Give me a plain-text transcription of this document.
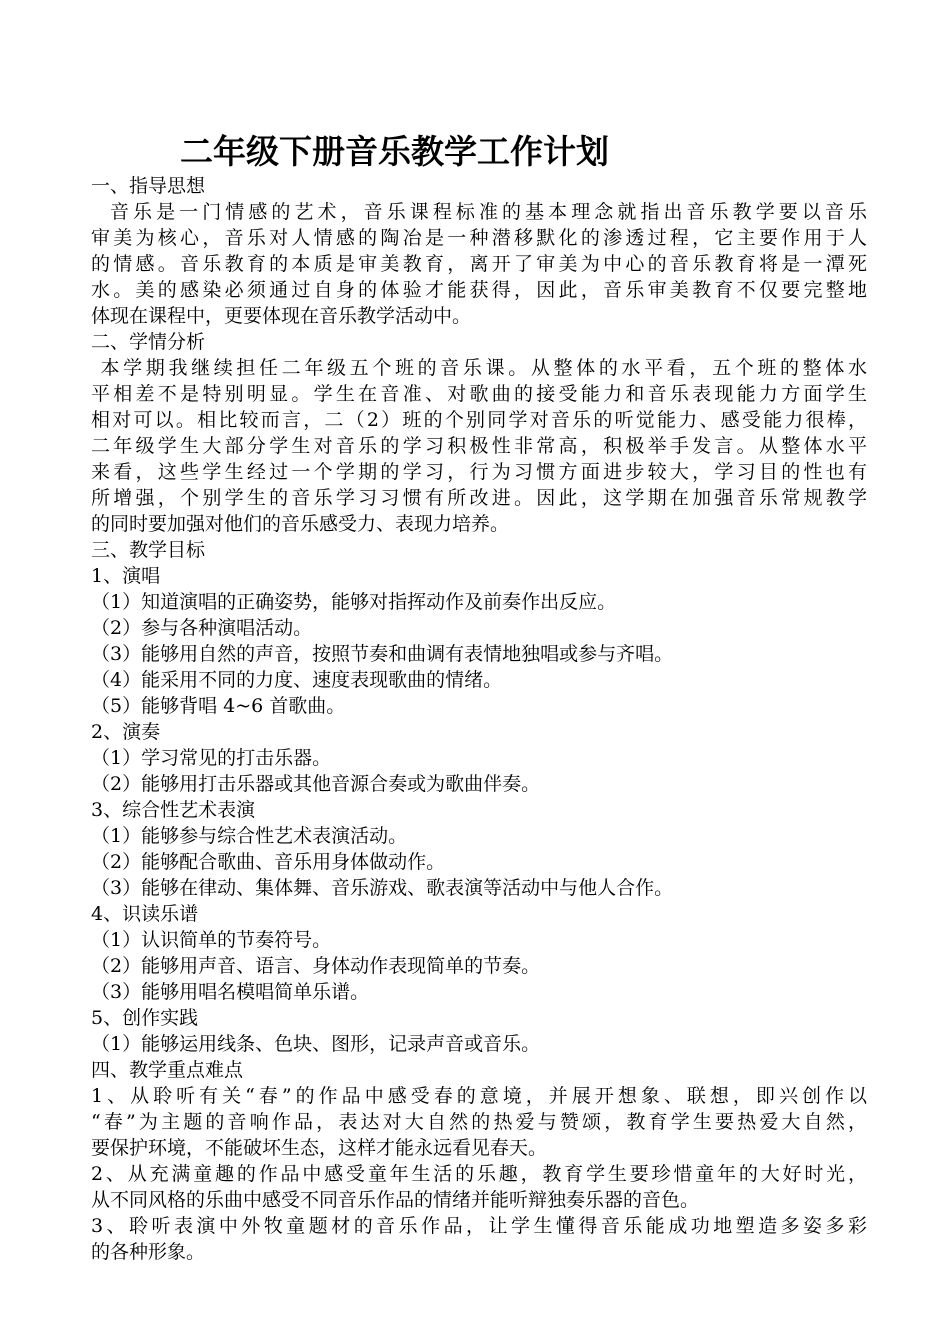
二年级下册音乐教学工作计划
一、指导思想
音乐是一门情感的艺术，音乐课程标准的基本理念就指出音乐教学要以音乐
审美为核心，音乐对人情感的陶冶是一种潜移默化的渗透过程，它主要作用于人
的情感。音乐教育的本质是审美教育，离开了审美为中心的音乐教育将是一潭死
水。美的感染必须通过自身的体验才能获得，因此，音乐审美教育不仅要完整地
体现在课程中，更要体现在音乐教学活动中。
二、学情分析
本学期我继续担任二年级五个班的音乐课。从整体的水平看，五个班的整体水
平相差不是特别明显。学生在音准、对歌曲的接受能力和音乐表现能力方面学生
相对可以。相比较而言，二（2）班的个别同学对音乐的听觉能力、感受能力很棒，
二年级学生大部分学生对音乐的学习积极性非常高，积极举手发言。从整体水平
来看，这些学生经过一个学期的学习，行为习惯方面进步较大，学习目的性也有
所增强，个别学生的音乐学习习惯有所改进。因此，这学期在加强音乐常规教学
的同时要加强对他们的音乐感受力、表现力培养。
三、教学目标
1、演唱
（1）知道演唱的正确姿势，能够对指挥动作及前奏作出反应。
（2）参与各种演唱活动。
（3）能够用自然的声音，按照节奏和曲调有表情地独唱或参与齐唱。
（4）能采用不同的力度、速度表现歌曲的情绪。
（5）能够背唱 4~6 首歌曲。
2、演奏
（1）学习常见的打击乐器。
（2）能够用打击乐器或其他音源合奏或为歌曲伴奏。
3、综合性艺术表演
（1）能够参与综合性艺术表演活动。
（2）能够配合歌曲、音乐用身体做动作。
（3）能够在律动、集体舞、音乐游戏、歌表演等活动中与他人合作。
4、识读乐谱
（1）认识简单的节奏符号。
（2）能够用声音、语言、身体动作表现简单的节奏。
（3）能够用唱名模唱简单乐谱。
5、创作实践
（1）能够运用线条、色块、图形，记录声音或音乐。
四、教学重点难点
1、从聆听有关“春”的作品中感受春的意境，并展开想象、联想，即兴创作以
“春”为主题的音响作品，表达对大自然的热爱与赞颂，教育学生要热爱大自然，
要保护环境，不能破坏生态，这样才能永远看见春天。
2、从充满童趣的作品中感受童年生活的乐趣，教育学生要珍惜童年的大好时光，
从不同风格的乐曲中感受不同音乐作品的情绪并能听辩独奏乐器的音色。
3、聆听表演中外牧童题材的音乐作品，让学生懂得音乐能成功地塑造多姿多彩
的各种形象。
